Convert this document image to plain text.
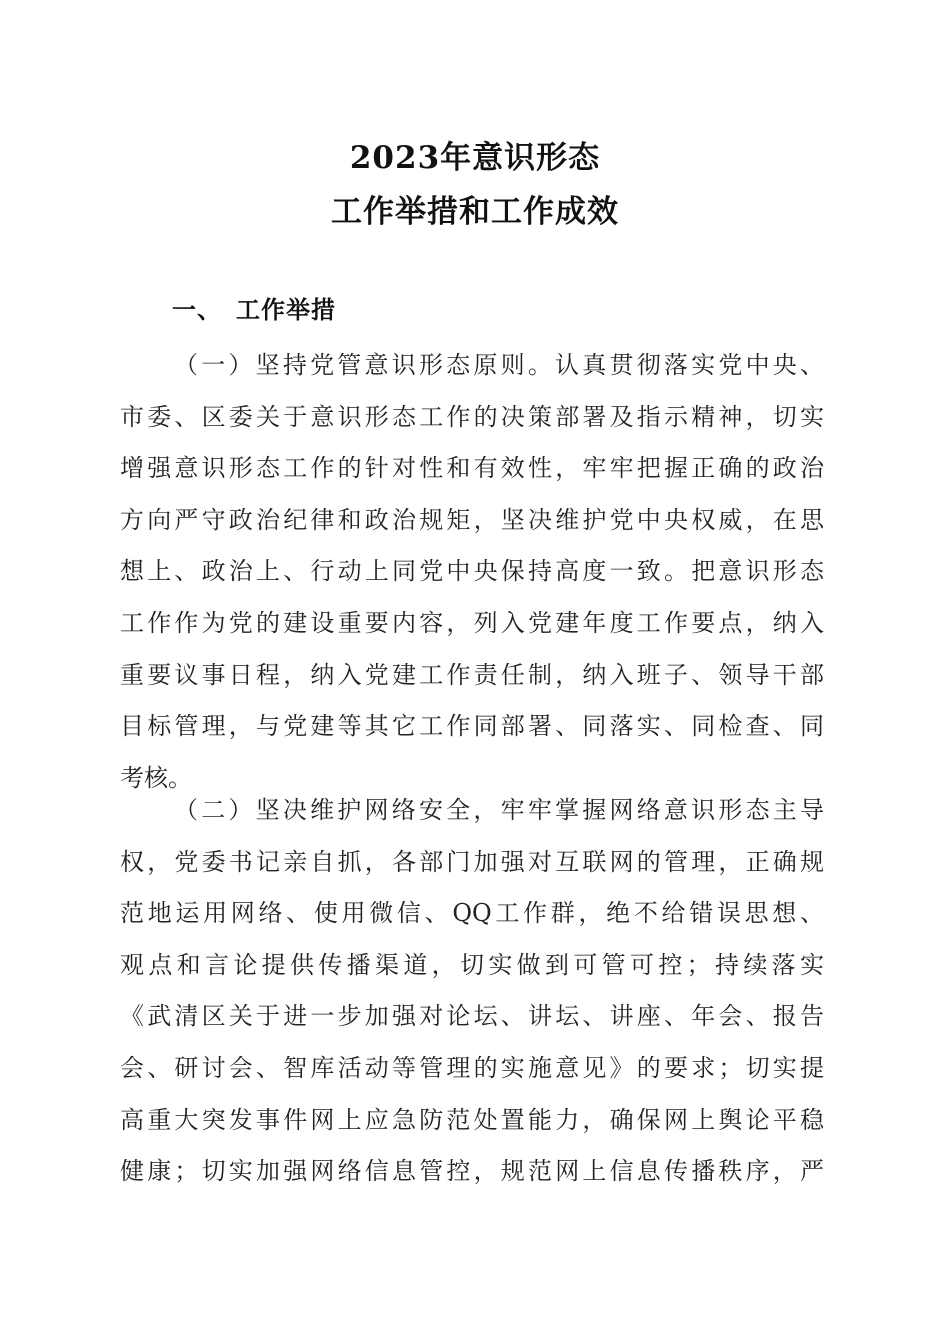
2023年意识形态
工作举措和工作成效
一、 工作举措
（一）坚持党管意识形态原则。认真贯彻落实党中央、
市委、区委关于意识形态工作的决策部署及指示精神，切实
增强意识形态工作的针对性和有效性，牢牢把握正确的政治
方向严守政治纪律和政治规矩，坚决维护党中央权威，在思
想上、政治上、行动上同党中央保持高度一致。把意识形态
工作作为党的建设重要内容，列入党建年度工作要点，纳入
重要议事日程，纳入党建工作责任制，纳入班子、领导干部
目标管理，与党建等其它工作同部署、同落实、同检查、同
考核。
（二）坚决维护网络安全，牢牢掌握网络意识形态主导
权，党委书记亲自抓，各部门加强对互联网的管理，正确规
范地运用网络、使用微信、QQ工作群，绝不给错误思想、
观点和言论提供传播渠道，切实做到可管可控；持续落实
《武清区关于进一步加强对论坛、讲坛、讲座、年会、报告
会、研讨会、智库活动等管理的实施意见》的要求；切实提
高重大突发事件网上应急防范处置能力，确保网上舆论平稳
健康；切实加强网络信息管控，规范网上信息传播秩序，严
